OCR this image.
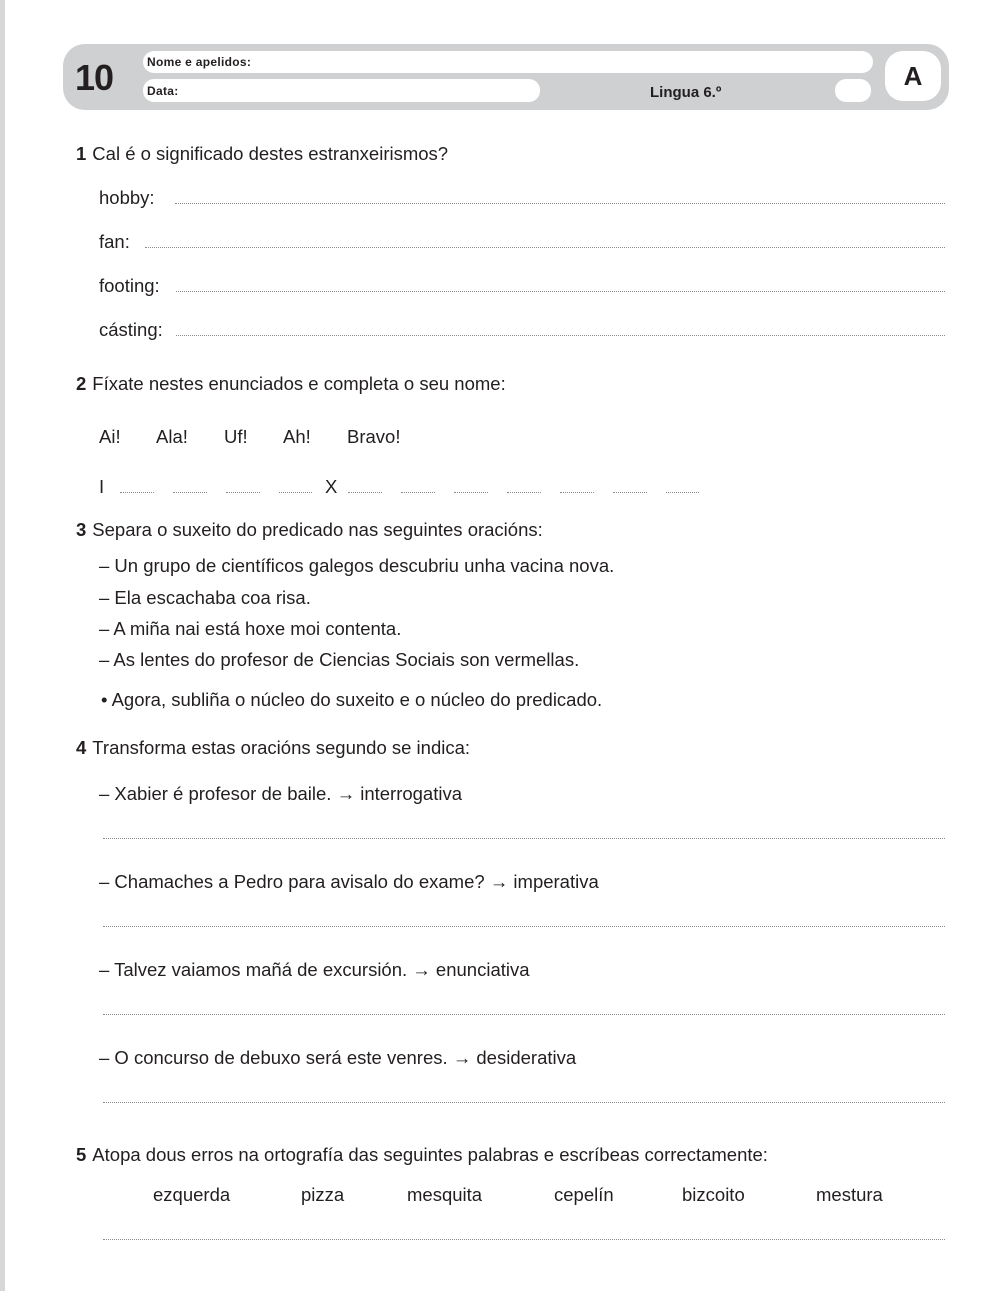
10	Nome e apelidos:
Data:	Lingua 6.º
A
1 Cal é o significado destes estranxeirismos?
hobby:
fan:
footing:
cásting:
2 Fíxate nestes enunciados e completa o seu nome:
Ai! Ala! Uf! Ah! Bravo!
I	X
3 Separa o suxeito do predicado nas seguintes oracións:
– Un grupo de científicos galegos descubriu unha vacina nova.
– Ela escachaba coa risa.
– A miña nai está hoxe moi contenta.
– As lentes do profesor de Ciencias Sociais son vermellas.
• Agora, subliña o núcleo do suxeito e o núcleo do predicado.
4 Transforma estas oracións segundo se indica:
– Xabier é profesor de baile. → interrogativa
– Chamaches a Pedro para avisalo do exame? → imperativa
– Talvez vaiamos mañá de excursión. → enunciativa
– O concurso de debuxo será este venres. → desiderativa
5 Atopa dous erros na ortografía das seguintes palabras e escríbeas correctamente:
ezquerda	pizza	mesquita	cepelín	bizcoito	mestura
